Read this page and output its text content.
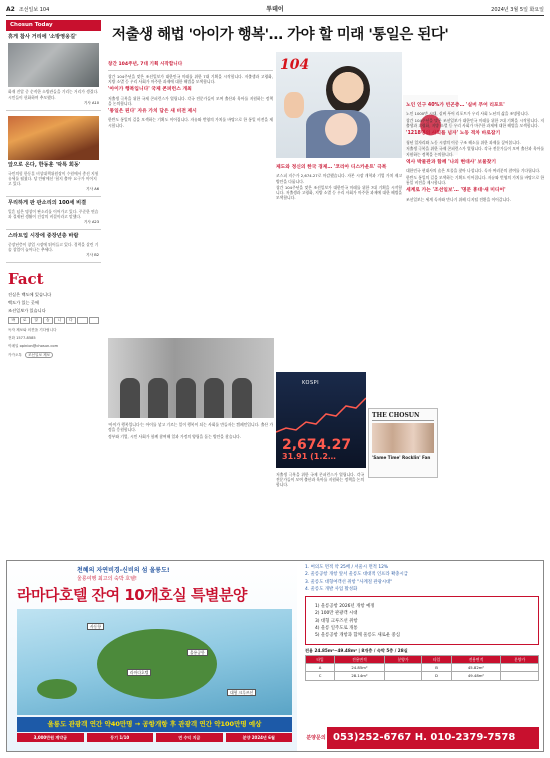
A2 조선일보 104	투데이	2024년 3월 5일 화요일
Chosun Today
휴게 참사 거리에 '소방영웅길'

화재 진압 중 순직한 소방관들을 기리는 거리가 생겼다. 시민들이 헌화하며 추모했다.

기사 A10
앞으로 온다, 한동훈 '탁특 회동'

국민의힘 한동훈 비상대책위원장이 수원에서 총선 지원 유세를 펼쳤다. 당 안팎에선 '험지 출마' 요구가 이어지고 있다.

기사 A6
무리하게 판 판소리의 100세 비결

일흔 넘은 명창이 판소리를 이어가고 있다. 꾸준한 연습과 절제된 생활이 건강의 비결이라고 말했다.

기사 A23
스타트업 시장에 중장년층 바람

중장년층이 창업 시장에 뛰어들고 있다. 경력을 살린 기술 창업이 늘어나는 추세다.

기사 B2
Fact

진실은 백도에 있습니다

백도가 있는 곳에

조선일보가 있습니다

바	로	알	습	니	다
독자 제보와 의견을 기다립니다
전화 1577-8585
이메일 opinion@chosun.com
카카오톡 조선일보 제보
저출생 해법 '아이가 행복'… 가야 할 미래 '통일은 된다'
창간 104주년, 7대 기획 시작합니다

창간 104주년을 맞은 조선일보가 대한민국 미래를 위한 7대 기획을 시작합니다. 저출생과 고령화, 지방 소멸 등 우리 사회가 마주한 과제에 대한 해법을 모색합니다.

'아이가 행복입니다' 국제 콘퍼런스 개최

저출생 극복을 위한 국제 콘퍼런스가 열립니다. 각국 전문가들이 모여 출산과 육아를 지원하는 정책을 논의합니다.

'통일은 된다' 자유 가치 담은 새 비전 제시

한반도 통일의 길을 모색하는 기획도 이어집니다. 자유와 번영의 가치를 바탕으로 한 통일 비전을 제시합니다.

'아이가 행복입니다'는 아이를 낳고 기르는 일이 행복이 되는 사회를 만들자는 캠페인입니다. 출산 가정을 응원합니다.

정부와 기업, 시민 사회가 함께 참여해 일과 가정의 양립을 돕는 방안을 찾습니다.

104
제도와 정신의 한국 경제… '코리아 디스카운트' 극복

코스피 지수가 2,674.27로 마감했습니다. 자본 시장 개혁과 기업 가치 제고 방안을 다룹니다.

창간 104주년을 맞은 조선일보가 대한민국 미래를 위한 7대 기획을 시작합니다. 저출생과 고령화, 지방 소멸 등 우리 사회가 마주한 과제에 대한 해법을 모색합니다.

KOSPI
2,674.27
31.91 (1.2…
THE CHOSUN
'Same Time' Rocklin' Fan

저출생 극복을 위한 국제 콘퍼런스가 열립니다. 각국 전문가들이 모여 출산과 육아를 지원하는 정책을 논의합니다.

노인 인구 40%가 빈곤층… '실버 푸어 리포트'

노인 1000만 시대, 실버 푸어 리포트가 우리 사회 노년의 삶을 조명합니다.

창간 104주년을 맞은 조선일보가 대한민국 미래를 위한 7대 기획을 시작합니다. 저출생과 고령화, 지방 소멸 등 우리 사회가 마주한 과제에 대한 해법을 모색합니다.

'1218명의 사회를 넘자' 노동 격차 바로잡기

청년 일자리와 노동 시장의 이중 구조 해소를 위한 과제를 짚어봅니다.

저출생 극복을 위한 국제 콘퍼런스가 열립니다. 각국 전문가들이 모여 출산과 육아를 지원하는 정책을 논의합니다.

역사 박물관과 함께 '나의 현대사' 보물찾기

대한민국 현대사의 숨은 보물을 찾아 나섭니다. 독자 여러분의 참여를 기다립니다.

한반도 통일의 길을 모색하는 기획도 이어집니다. 자유와 번영의 가치를 바탕으로 한 통일 비전을 제시합니다.

세계로 가는 '조선일보'… '명문 휴대·새 미디어'

조선일보는 세계 독자와 만나기 위해 디지털 전환을 이어갑니다.

천혜의 자연비경-신비의 섬 울릉도!
울릉여행 최고의 숙박 호텔!
라마다호텔 잔여 10개호실 특별분양
사동항
울릉공항
라마다호텔
대형 크루즈선
울릉도 관광객 연간 약40만명 → 공항개항 후 관광객 연간 약100만명 예상
3,000만원 계약금	등기 1/10	연 수익 지급	분양 2024년 6월
1. 여의도 면적 약 25배 / 서울시 면적 12%
2. 울릉공항 개항 앞서 울릉도 대대적 인프라 확충시급
3. 울릉도 대형여객선 취항 "사계절 관광시대"
4. 울릉도 개발 사업 활성화
1) 울릉공항 2026년 개항 예정
2) 100만 관광객 시대
3) 대형 크루즈선 취항
4) 울릉 일주도로 개통
5) 울릉공항 개항과 함께 울릉도 새로운 중심
전용 24.85m²~49.48m² | 8개층 / 숙박 5층 / 28실
타입	전용면적	분양가	타입	전용면적	분양가
A	24.85m²		B	45.82m²	
C	28.14m²		D	49.48m²	
분양문의 053)252-6767 H. 010-2379-7578
